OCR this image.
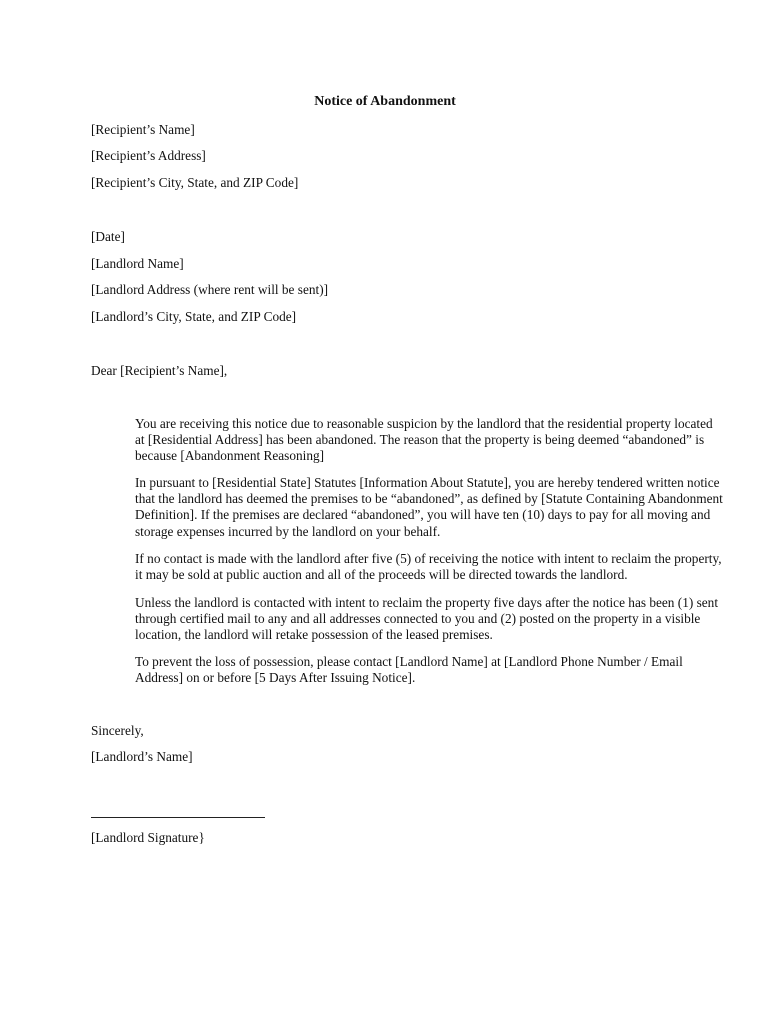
Notice of Abandonment
[Recipient’s Name]
[Recipient’s Address]
[Recipient’s City, State, and ZIP Code]
[Date]
[Landlord Name]
[Landlord Address (where rent will be sent)]
[Landlord’s City, State, and ZIP Code]
Dear [Recipient’s Name],
You are receiving this notice due to reasonable suspicion by the landlord that the residential property located at [Residential Address] has been abandoned. The reason that the property is being deemed “abandoned” is because [Abandonment Reasoning]
In pursuant to [Residential State] Statutes [Information About Statute], you are hereby tendered written notice that the landlord has deemed the premises to be “abandoned”, as defined by [Statute Containing Abandonment Definition]. If the premises are declared “abandoned”, you will have ten (10) days to pay for all moving and storage expenses incurred by the landlord on your behalf.
If no contact is made with the landlord after five (5) of receiving the notice with intent to reclaim the property, it may be sold at public auction and all of the proceeds will be directed towards the landlord.
Unless the landlord is contacted with intent to reclaim the property five days after the notice has been (1) sent through certified mail to any and all addresses connected to you and (2) posted on the property in a visible location, the landlord will retake possession of the leased premises.
To prevent the loss of possession, please contact [Landlord Name] at [Landlord Phone Number / Email Address] on or before [5 Days After Issuing Notice].
Sincerely,
[Landlord’s Name]
[Landlord Signature}
